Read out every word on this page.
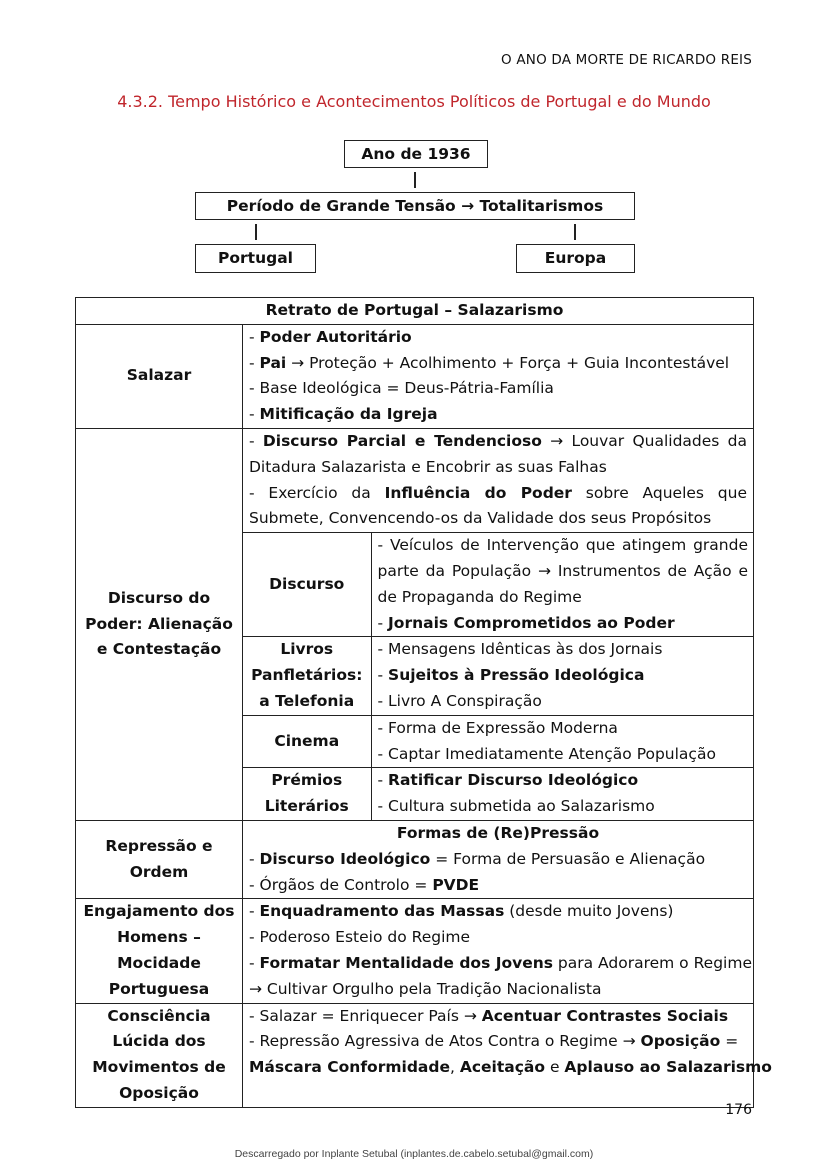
O ANO DA MORTE DE RICARDO REIS
4.3.2. Tempo Histórico e Acontecimentos Políticos de Portugal e do Mundo
Ano de 1936
Período de Grande Tensão → Totalitarismos
Portugal	Europa
Retrato de Portugal – Salazarismo
Salazar	
- Poder Autoritário
- Pai → Proteção + Acolhimento + Força + Guia Incontestável
- Base Ideológica = Deus-Pátria-Família
- Mitificação da Igreja

Discurso do Poder: Alienação e Contestação	
- Discurso Parcial e Tendencioso → Louvar Qualidades da Ditadura Salazarista e Encobrir as suas Falhas
- Exercício da Influência do Poder sobre Aqueles que Submete, Convencendo-os da Validade dos seus Propósitos

Discurso	
- Veículos de Intervenção que atingem grande parte da População → Instrumentos de Ação e de Propaganda do Regime
- Jornais Comprometidos ao Poder

Livros Panfletários: a Telefonia	
- Mensagens Idênticas às dos Jornais
- Sujeitos à Pressão Ideológica
- Livro A Conspiração

Cinema	
- Forma de Expressão Moderna
- Captar Imediatamente Atenção População

Prémios Literários	
- Ratificar Discurso Ideológico
- Cultura submetida ao Salazarismo

Repressão e Ordem	
Formas de (Re)Pressão
- Discurso Ideológico = Forma de Persuasão e Alienação
- Órgãos de Controlo = PVDE

Engajamento dos Homens – Mocidade Portuguesa	
- Enquadramento das Massas (desde muito Jovens)
- Poderoso Esteio do Regime
- Formatar Mentalidade dos Jovens para Adorarem o Regime
→ Cultivar Orgulho pela Tradição Nacionalista

Consciência Lúcida dos Movimentos de Oposição	
- Salazar = Enriquecer País → Acentuar Contrastes Sociais
- Repressão Agressiva de Atos Contra o Regime → Oposição =
Máscara Conformidade, Aceitação e Aplauso ao Salazarismo
176
Descarregado por Inplante Setubal (inplantes.de.cabelo.setubal@gmail.com)
